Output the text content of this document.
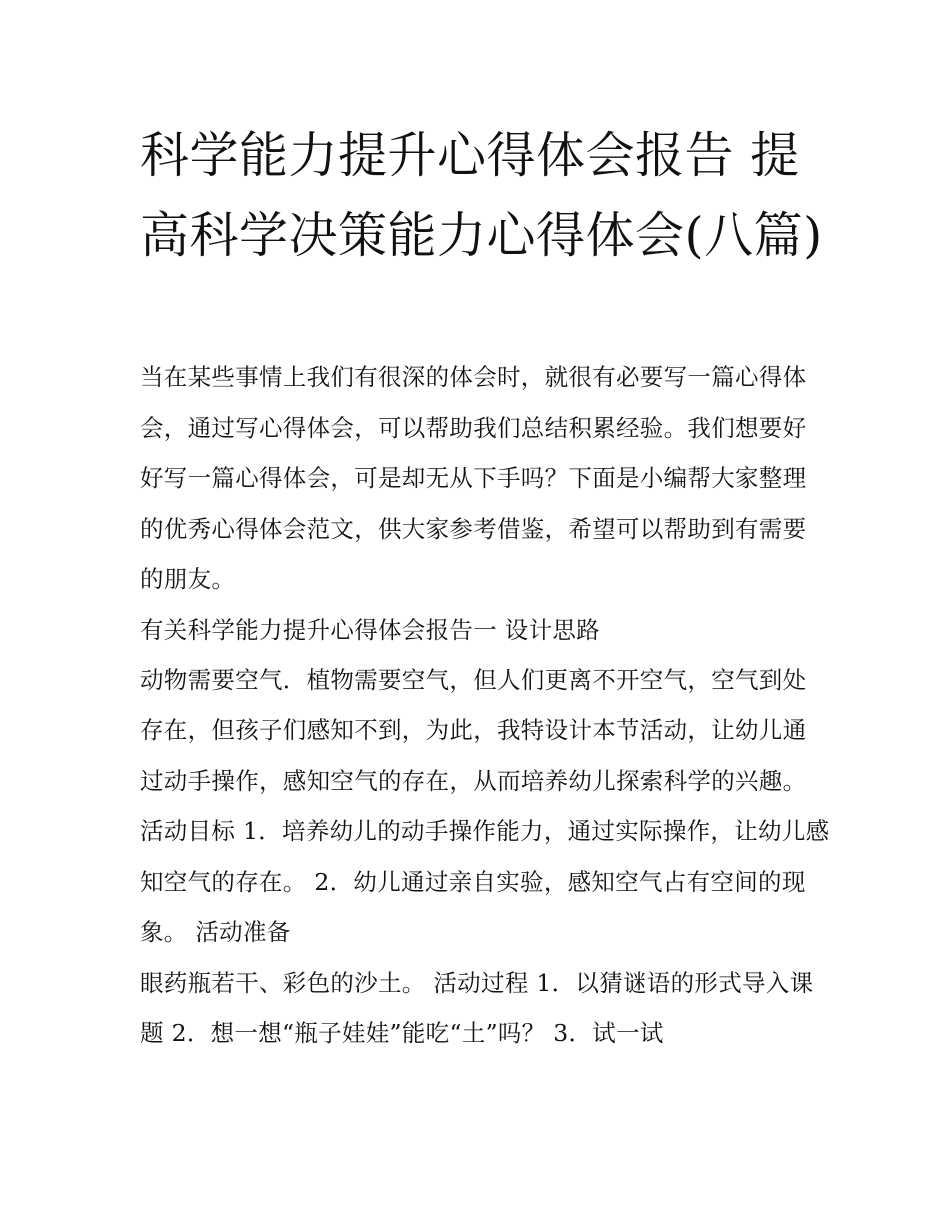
科学能力提升心得体会报告 提高科学决策能力心得体会(八篇)

当在某些事情上我们有很深的体会时，就很有必要写一篇心得体会，通过写心得体会，可以帮助我们总结积累经验。我们想要好好写一篇心得体会，可是却无从下手吗？下面是小编帮大家整理的优秀心得体会范文，供大家参考借鉴，希望可以帮助到有需要的朋友。

有关科学能力提升心得体会报告一 设计思路

动物需要空气．植物需要空气，但人们更离不开空气，空气到处存在，但孩子们感知不到，为此，我特设计本节活动，让幼儿通过动手操作，感知空气的存在，从而培养幼儿探索科学的兴趣。

活动目标 1．培养幼儿的动手操作能力，通过实际操作，让幼儿感知空气的存在。 2．幼儿通过亲自实验，感知空气占有空间的现象。 活动准备

眼药瓶若干、彩色的沙土。 活动过程 1．以猜谜语的形式导入课题 2．想一想“瓶子娃娃”能吃“土”吗？ 3．试一试
